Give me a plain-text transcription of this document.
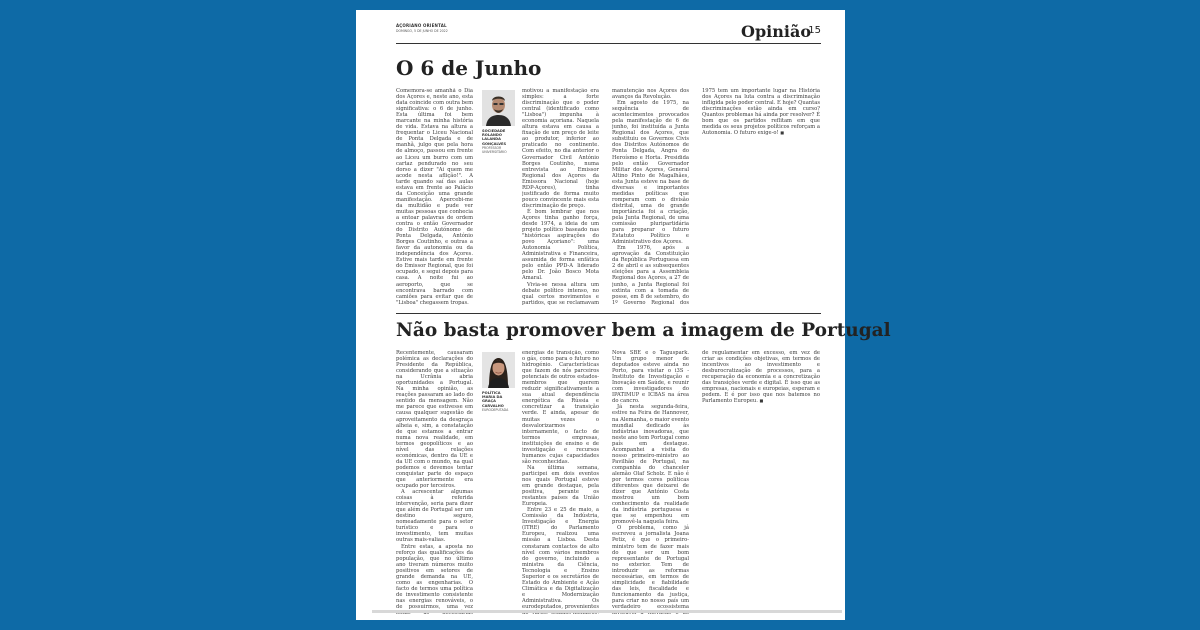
AÇORIANO ORIENTAL
DOMINGO, 5 DE JUNHO DE 2022	Opinião
15
O 6 de Junho

Comemora-se amanhã o Dia dos Açores e, neste ano, esta data coincide com outra bem significativa: o 6 de junho. Esta última foi bem marcante na minha história de vida. Estava na altura a frequentar o Liceu Nacional de Ponta Delgada e de manhã, julgo que pela hora de almoço, passou em frente ao Liceu um burro com um cartaz pendurado no seu dorso a dizer "Ai quem me acode nesta aflição!". A tarde quando saí das aulas estava em frente ao Palácio da Conceição uma grande manifestação. Apercebi-me da multidão e pude ver muitas pessoas que conhecia a entoar palavras de ordem contra o então Governador do Distrito Autónomo de Ponta Delgada, António Borges Coutinho, e outras a favor da autonomia ou da independência dos Açores. Estive mais tarde em frente do Emissor Regional, que foi ocupado, e segui depois para casa. A noite fui ao aeroporto, que se encontrava barrado com camiões para evitar que de "Lisboa" chegassem tropas.

SOCIEDADE
ROLANDO LALANDA GONÇALVES
PROFESSOR UNIVERSITÁRIO

motivou a manifestação era simples: a forte discriminação que o poder central (identificado como "Lisboa") impunha à economia açoriana. Naquela altura estava em causa a fixação de um preço de leite ao produtor, inferior ao praticado no continente. Com efeito, no dia anterior o Governador Civil António Borges Coutinho, numa entrevista ao Emissor Regional dos Açores da Emissora Nacional (hoje RDP-Açores), tinha justificado de forma muito pouco convincente mais esta discriminação de preço.

É bom lembrar que nos Açores tinha ganho força, desde 1974, a ideia de um projeto político baseado nas "históricas aspirações do povo Açoriano": uma Autonomia Política, Administrativa e Financeira, assumida de forma enfática pelo então PPD-A liderado pelo Dr. João Bosco Mota Amaral.

Vivia-se nessa altura um debate político intenso, no qual certos movimentos e partidos, que se reclamavam

manutenção nos Açores dos avanços da Revolução.

Em agosto de 1975, na sequência de acontecimentos provocados pela manifestação de 6 de junho, foi instituída a Junta Regional dos Açores, que substituiu os Governos Civis dos Distritos Autónomos de Ponta Delgada, Angra do Heroísmo e Horta. Presidida pelo então Governador Militar dos Açores, General Altino Pinto de Magalhães, esta Junta esteve na base de diversas e importantes medidas políticas que romperam com o divisão distrital, uma de grande importância foi a criação, pela Junta Regional, de uma comissão pluripartidária para preparar o futuro Estatuto Político e Administrativo dos Açores.

Em 1976, após a aprovação da Constituição da República Portuguesa em 2 de abril e as subsequentes eleições para a Assembleia Regional dos Açores, a 27 de junho, a Junta Regional foi extinta com a tomada de posse, em 8 de setembro, do 1º Governo Regional dos

1975 tem um importante lugar na História dos Açores na luta contra a discriminação infligida pelo poder central. E hoje? Quantas discriminações estão ainda em curso? Quantos problemas há ainda por resolver? É bom que os partidos reflitam em que medida os seus projetos políticos reforçam a Autonomia. O futuro exige-o! ■

Não basta promover bem a imagem de Portugal

Recentemente, causaram polémica as declarações do Presidente da República, considerando que a situação na Ucrânia abria oportunidades a Portugal. Na minha opinião, as reações passaram ao lado do sentido da mensagem. Não me parece que estivesse em causa qualquer sugestão de aproveitamento da desgraça alheia e, sim, a constatação de que estamos a entrar numa nova realidade, em termos geopolíticos e ao nível das relações económicas, dentro da UE e da UE com o mundo, na qual podemos e devemos tentar conquistar parte do espaço que anteriormente era ocupado por terceiros.

A acrescentar algumas coisas à referida intervenção, seria para dizer que além de Portugal ser um destino seguro, nomeadamente para o setor turístico e para o investimento, tem muitas outras mais-valias.

Entre estas, a aposta no reforço das qualificações da população, que no último ano tiveram números muito positivos em setores de grande demanda na UE, como as engenharias. O facto de termos uma política de investimento consistente nas energias renováveis, o de possuirmos, uma vez

POLÍTICA
MARIA DA GRAÇA CARVALHO
EURODEPUTADA

energias de transição, como o gás, como para o futuro no hidrogénio. Características que fazem de nós parceiros potenciais de outros estados-membros que querem reduzir significativamente a sua atual dependência energética da Rússia e concretizar a transição verde. E ainda, apesar de muitas vezes o desvalorizarmos internamente, o facto de termos empresas, instituições de ensino e de investigação e recursos humanos cujas capacidades são reconhecidas.

Na última semana, participei em dois eventos nos quais Portugal esteve em grande destaque, pela positiva, perante os restantes países da União Europeia.

Entre 23 e 25 de maio, a Comissão da Indústria, Investigação e Energia (ITRE) do Parlamento Europeu, realizou uma missão a Lisboa. Desta constaram contactos de alto nível com vários membros do governo, incluindo a ministra da Ciência, Tecnologia e Ensino Superior e os secretários de Estado do Ambiente e Ação Climática e da Digitalização e Modernização Administrativa. Os eurodeputados, provenientes

Nova SBE e o Taguspark. Um grupo menor de deputados esteve ainda no Porto, para visitar o i3S - Instituto de Investigação e Inovação em Saúde, e reunir com investigadores do IPATIMUP e ICBAS na área do cancro.

Já nesta segunda-feira, estive na Feira de Hannover, na Alemanha, o maior evento mundial dedicado às indústrias inovadoras, que neste ano tem Portugal como país em destaque. Acompanhei a visita do nosso primeiro-ministro ao Pavilhão de Portugal, na companhia do chanceler alemão Olaf Scholz. E não é por termos cores políticas diferentes que deixarei de dizer que António Costa mostrou um bom conhecimento da realidade da indústria portuguesa e que se empenhou em promovê-la naquela feira.

O problema, como já escreveu a jornalista Joana Petiz, é que o primeiro-ministro tem de fazer mais do que ser um bom representante de Portugal no exterior. Tem de introduzir as reformas necessárias, em termos de simplicidade e fiabilidade das leis, fiscalidade e funcionamento da justiça, para criar no nosso país um verdadeiro ecossistema

de regulamentar em excesso, em vez de criar as condições objetivas, em termos de incentivos ao investimento e desburocratização de processos, para a recuperação da economia e a concretização das transições verde e digital. É isso que as empresas, nacionais e europeias, esperam e pedem. E é por isso que nos batemos no Parlamento Europeu. ■
